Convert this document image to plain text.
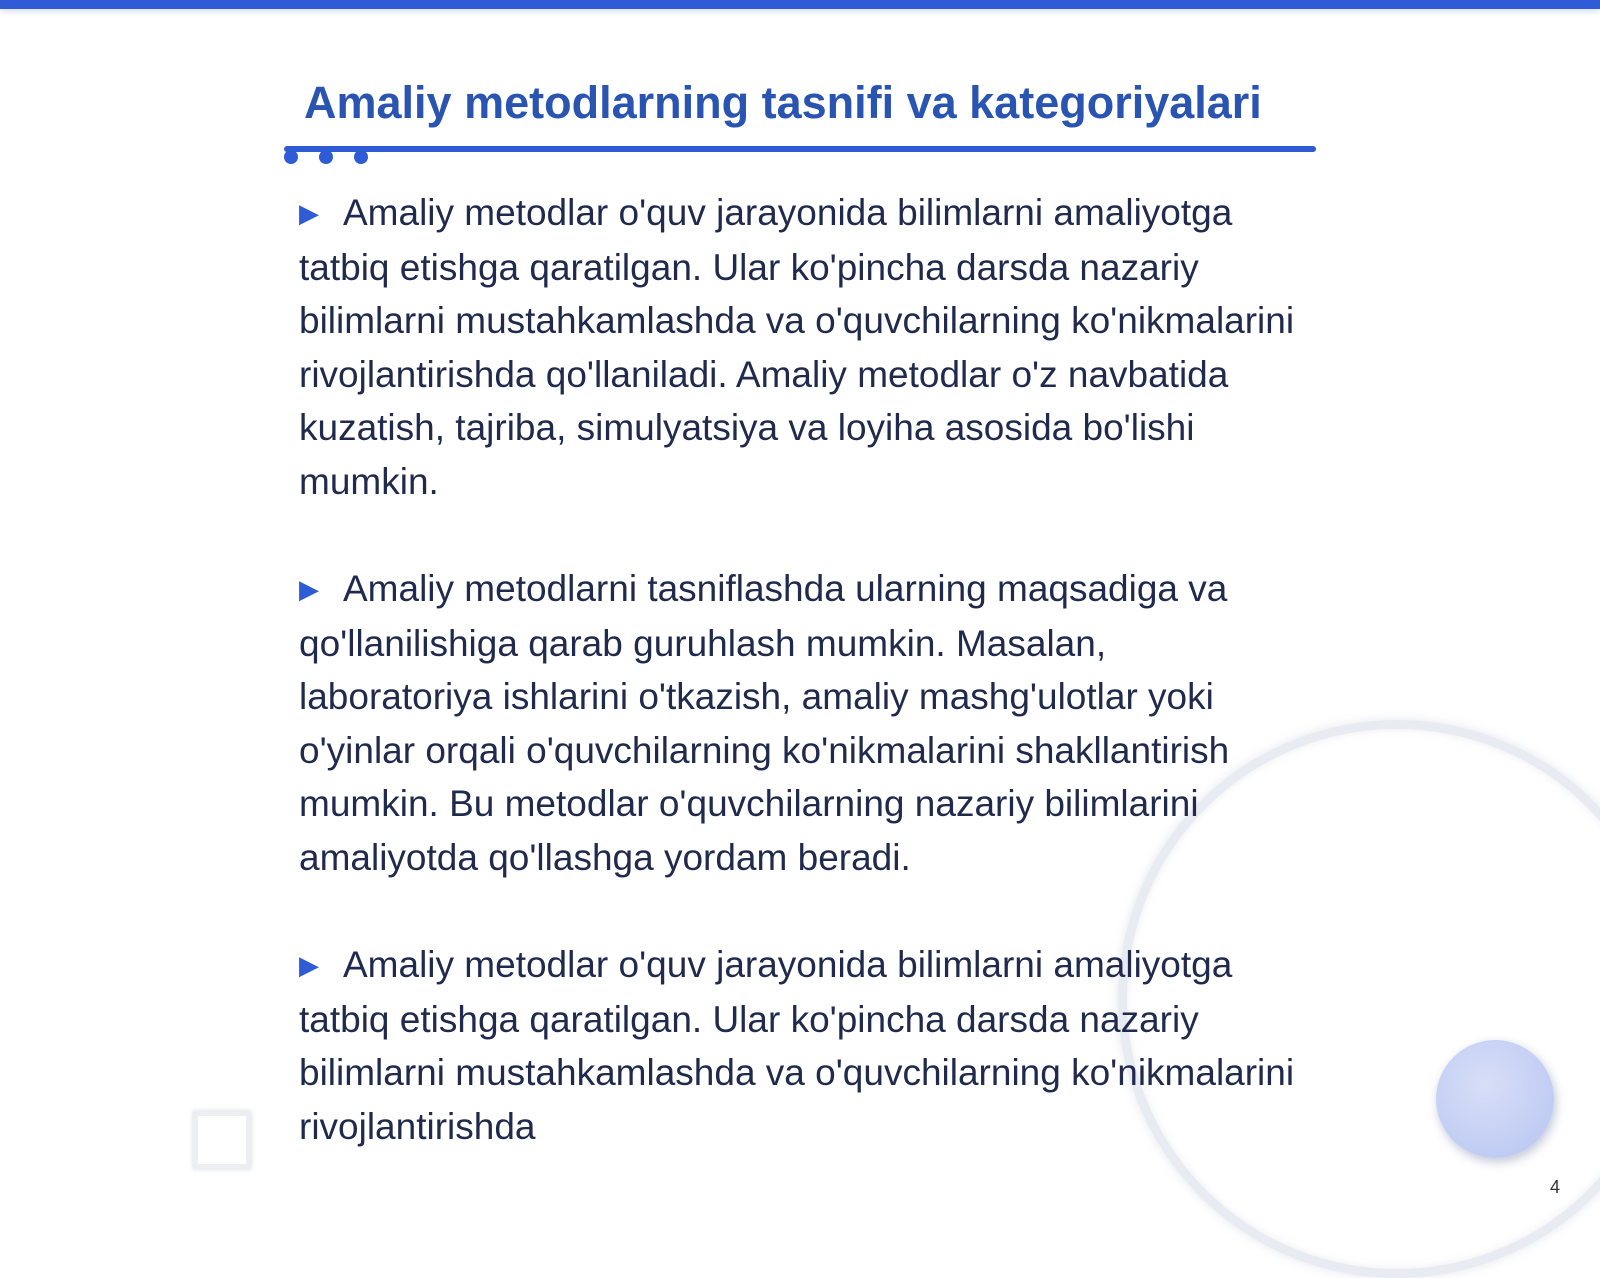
Amaliy metodlarning tasnifi va kategoriyalari
▶ Amaliy metodlar o'quv jarayonida bilimlarni amaliyotga tatbiq etishga qaratilgan. Ular ko'pincha darsda nazariy bilimlarni mustahkamlashda va o'quvchilarning ko'nikmalarini rivojlantirishda qo'llaniladi. Amaliy metodlar o'z navbatida kuzatish, tajriba, simulyatsiya va loyiha asosida bo'lishi mumkin.
▶ Amaliy metodlarni tasniflashda ularning maqsadiga va qo'llanilishiga qarab guruhlash mumkin. Masalan, laboratoriya ishlarini o'tkazish, amaliy mashg'ulotlar yoki o'yinlar orqali o'quvchilarning ko'nikmalarini shakllantirish mumkin. Bu metodlar o'quvchilarning nazariy bilimlarini amaliyotda qo'llashga yordam beradi.
▶ Amaliy metodlar o'quv jarayonida bilimlarni amaliyotga tatbiq etishga qaratilgan. Ular ko'pincha darsda nazariy bilimlarni mustahkamlashda va o'quvchilarning ko'nikmalarini rivojlantirishda
4
